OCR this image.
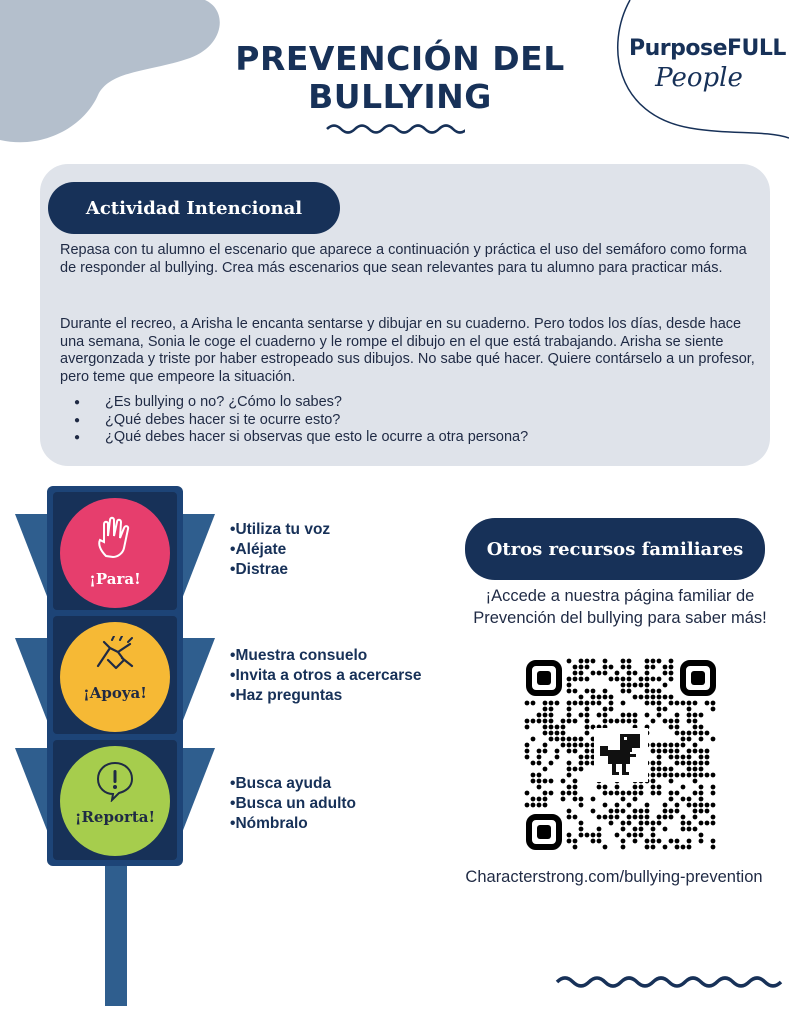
PREVENCIÓN DEL
BULLYING
PurposeFULL
People
Actividad Intencional
Repasa con tu alumno el escenario que aparece a continuación y práctica el uso del semáforo como forma de responder al bullying. Crea más escenarios que sean relevantes para tu alumno para practicar más.
Durante el recreo, a Arisha le encanta sentarse y dibujar en su cuaderno. Pero todos los días, desde hace una semana, Sonia le coge el cuaderno y le rompe el dibujo en el que está trabajando. Arisha se siente avergonzada y triste por haber estropeado sus dibujos. No sabe qué hacer. Quiere contárselo a un profesor, pero teme que empeore la situación.
● ¿Es bullying o no? ¿Cómo lo sabes?
● ¿Qué debes hacer si te ocurre esto?
● ¿Qué debes hacer si observas que esto le ocurre a otra persona?
¡Para!
¡Apoya!
¡Reporta!
• Utiliza tu voz
• Aléjate
• Distrae
• Muestra consuelo
• Invita a otros a acercarse
• Haz preguntas
• Busca ayuda
• Busca un adulto
• Nómbralo
Otros recursos familiares
¡Accede a nuestra página familiar de Prevención del bullying para saber más!
Characterstrong.com/bullying-prevention
